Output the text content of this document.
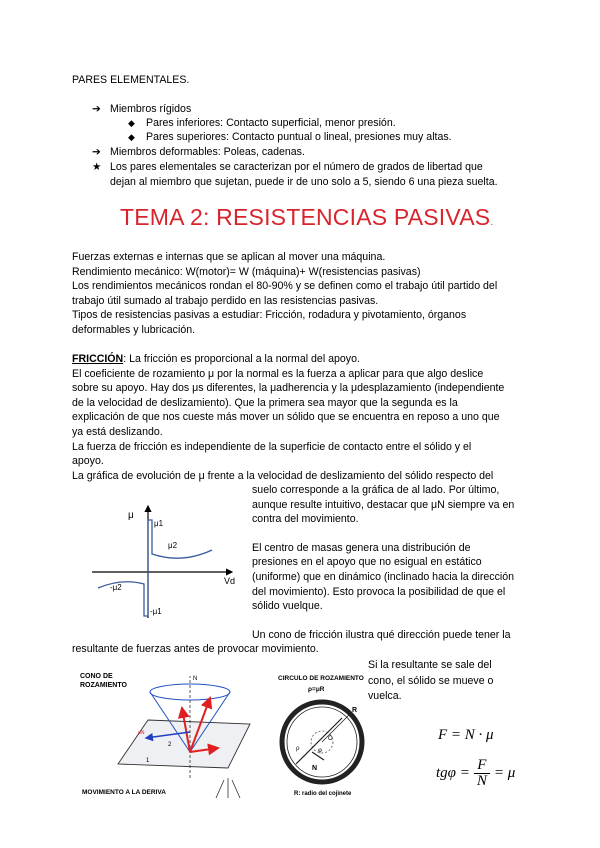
PARES ELEMENTALES.

➔ Miembros rígidos
◆ Pares inferiores: Contacto superficial, menor presión.
◆ Pares superiores: Contacto puntual o lineal, presiones muy altas.
➔ Miembros deformables: Poleas, cadenas.
★ Los pares elementales se caracterizan por el número de grados de libertad que
dejan al miembro que sujetan, puede ir de uno solo a 5, siendo 6 una pieza suelta.
TEMA 2: RESISTENCIAS PASIVAS.
Fuerzas externas e internas que se aplican al mover una máquina.
Rendimiento mecánico: W(motor)= W (máquina)+ W(resistencias pasivas)
Los rendimientos mecánicos rondan el 80-90% y se definen como el trabajo útil partido del
trabajo útil sumado al trabajo perdido en las resistencias pasivas.
Tipos de resistencias pasivas a estudiar: Fricción, rodadura y pivotamiento, órganos
deformables y lubricación.
FRICCIÓN: La fricción es proporcional a la normal del apoyo.
El coeficiente de rozamiento μ por la normal es la fuerza a aplicar para que algo deslice
sobre su apoyo. Hay dos μs diferentes, la μadherencia y la μdesplazamiento (independiente
de la velocidad de deslizamiento). Que la primera sea mayor que la segunda es la
explicación de que nos cueste más mover un sólido que se encuentra en reposo a uno que
ya está deslizando.
La fuerza de fricción es independiente de la superficie de contacto entre el sólido y el
apoyo.
La gráfica de evolución de μ frente a la velocidad de deslizamiento del sólido respecto del
suelo corresponde a la gráfica de al lado. Por último,
aunque resulte intuitivo, destacar que μN siempre va en
contra del movimiento.
El centro de masas genera una distribución de
presiones en el apoyo que no esigual en estático
(uniforme) que en dinámico (inclinado hacia la dirección
del movimiento). Esto provoca la posibilidad de que el
sólido vuelque.
Un cono de fricción ilustra qué dirección puede tener la
resultante de fuerzas antes de provocar movimiento.
μ
Vd
μ1
μ2
-μ2
-μ1
CONO DE
ROZAMIENTO
N
μN
1
2
MOVIMIENTO A LA DERIVA
CIRCULO DE ROZAMIENTO
ρ=μR
R
N
ρ
O
φ
R: radio del cojinete
Si la resultante se sale del
cono, el sólido se mueve o
vuelca.
F = N · μ
$tg\varphi = \frac{F}{N} = \mu$
